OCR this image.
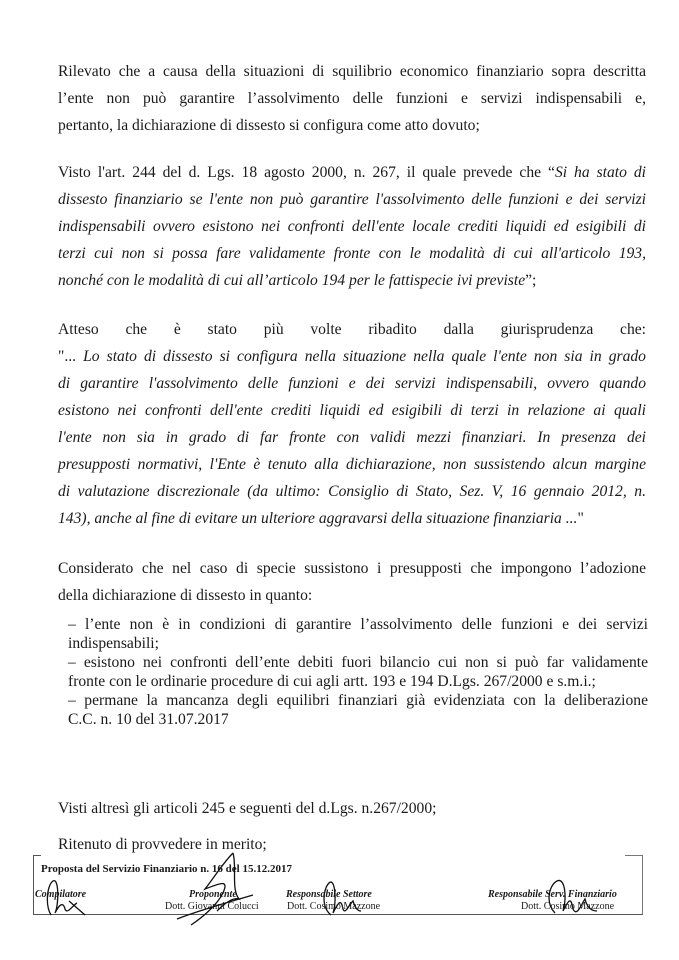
Rilevato che a causa della situazioni di squilibrio economico finanziario sopra descritta
l’ente non può garantire l’assolvimento delle funzioni e servizi indispensabili e,
pertanto, la dichiarazione di dissesto si configura come atto dovuto;
Visto l'art. 244 del d. Lgs. 18 agosto 2000, n. 267, il quale prevede che “Si ha stato di
dissesto finanziario se l'ente non può garantire l'assolvimento delle funzioni e dei servizi
indispensabili ovvero esistono nei confronti dell'ente locale crediti liquidi ed esigibili di
terzi cui non si possa fare validamente fronte con le modalità di cui all'articolo 193,
nonché con le modalità di cui all’articolo 194 per le fattispecie ivi previste”;
Atteso che è stato più volte ribadito dalla giurisprudenza che:
"... Lo stato di dissesto si configura nella situazione nella quale l'ente non sia in grado
di garantire l'assolvimento delle funzioni e dei servizi indispensabili, ovvero quando
esistono nei confronti dell'ente crediti liquidi ed esigibili di terzi in relazione ai quali
l'ente non sia in grado di far fronte con validi mezzi finanziari. In presenza dei
presupposti normativi, l'Ente è tenuto alla dichiarazione, non sussistendo alcun margine
di valutazione discrezionale (da ultimo: Consiglio di Stato, Sez. V, 16 gennaio 2012, n.
143), anche al fine di evitare un ulteriore aggravarsi della situazione finanziaria ..."
Considerato che nel caso di specie sussistono i presupposti che impongono l’adozione
della dichiarazione di dissesto in quanto:
– l’ente non è in condizioni di garantire l’assolvimento delle funzioni e dei servizi
indispensabili;
– esistono nei confronti dell’ente debiti fuori bilancio cui non si può far validamente
fronte con le ordinarie procedure di cui agli artt. 193 e 194 D.Lgs. 267/2000 e s.m.i.;
– permane la mancanza degli equilibri finanziari già evidenziata con la deliberazione
C.C. n. 10 del 31.07.2017
Visti altresì gli articoli 245 e seguenti del d.Lgs. n.267/2000;
Ritenuto di provvedere in merito;
Proposta del Servizio Finanziario n. 16 del 15.12.2017
Compilatore	Proponente
Dott. Giovanni Colucci
Responsabile Settore
Dott. Cosimo Mazzone
Responsabile Serv. Finanziario
Dott. Cosimo Mazzone
